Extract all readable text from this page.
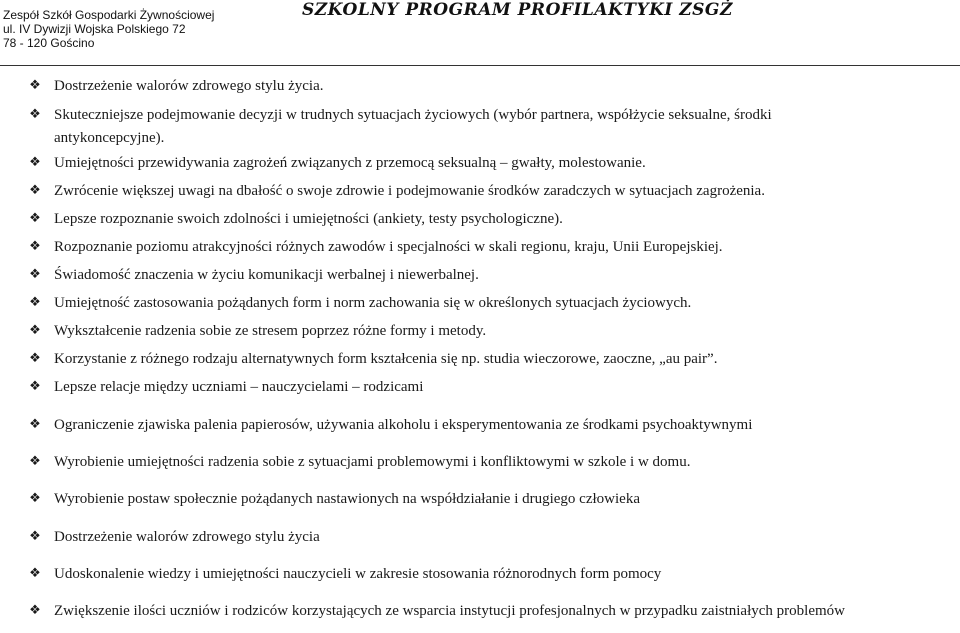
Zespół Szkół Gospodarki Żywnościowej
ul. IV Dywizji Wojska Polskiego 72
78 - 120 Gościno
SZKOLNY PROGRAM PROFILAKTYKI ZSGŻ
❖ Dostrzeżenie walorów zdrowego stylu życia.
❖ Skuteczniejsze podejmowanie decyzji w trudnych sytuacjach życiowych (wybór partnera, współżycie seksualne, środki antykoncepcyjne).
❖ Umiejętności przewidywania zagrożeń związanych z przemocą seksualną – gwałty, molestowanie.
❖ Zwrócenie większej uwagi na dbałość o swoje zdrowie i podejmowanie środków zaradczych w sytuacjach zagrożenia.
❖ Lepsze rozpoznanie swoich zdolności i umiejętności (ankiety, testy psychologiczne).
❖ Rozpoznanie poziomu atrakcyjności różnych zawodów i specjalności w skali regionu, kraju, Unii Europejskiej.
❖ Świadomość znaczenia w życiu komunikacji werbalnej i niewerbalnej.
❖ Umiejętność zastosowania pożądanych form i norm zachowania się w określonych sytuacjach życiowych.
❖ Wykształcenie radzenia sobie ze stresem poprzez różne formy i metody.
❖ Korzystanie z różnego rodzaju alternatywnych form kształcenia się np. studia wieczorowe, zaoczne, „au pair”.
❖ Lepsze relacje między uczniami – nauczycielami – rodzicami
❖ Ograniczenie zjawiska palenia papierosów, używania alkoholu i eksperymentowania ze środkami psychoaktywnymi
❖ Wyrobienie umiejętności radzenia sobie z sytuacjami problemowymi i konfliktowymi w szkole i w domu.
❖ Wyrobienie postaw społecznie pożądanych nastawionych na współdziałanie i drugiego człowieka
❖ Dostrzeżenie walorów zdrowego stylu życia
❖ Udoskonalenie wiedzy i umiejętności nauczycieli w zakresie stosowania różnorodnych form pomocy
❖ Zwiększenie ilości uczniów i rodziców korzystających ze wsparcia instytucji profesjonalnych w przypadku zaistniałych problemów
